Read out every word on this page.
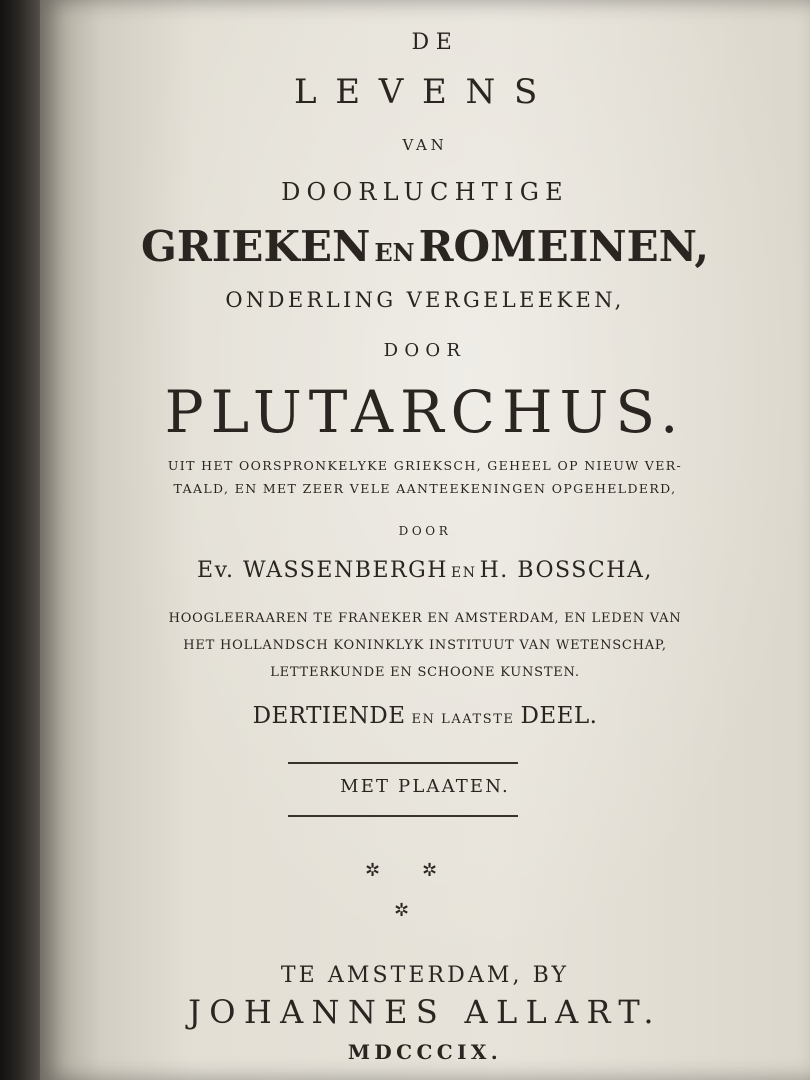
DE
LEVENS
VAN
DOORLUCHTIGE
GRIEKEN ENROMEINEN,
ONDERLING VERGELEEKEN,
DOOR
PLUTARCHUS.
UIT HET OORSPRONKELYKE GRIEKSCH, GEHEEL OP NIEUW VER-
TAALD, EN MET ZEER VELE AANTEEKENINGEN OPGEHELDERD,
DOOR
Ev. WASSENBERGH EN H. BOSSCHA,
HOOGLEERAAREN TE FRANEKER EN AMSTERDAM, EN LEDEN VAN
HET HOLLANDSCH KONINKLYK INSTITUUT VAN WETENSCHAP,
LETTERKUNDE EN SCHOONE KUNSTEN.
DERTIENDE EN LAATSTE DEEL.
MET PLAATEN.
✲ ✲
✲
TE AMSTERDAM, BY
JOHANNES ALLART.
MDCCCIX.
